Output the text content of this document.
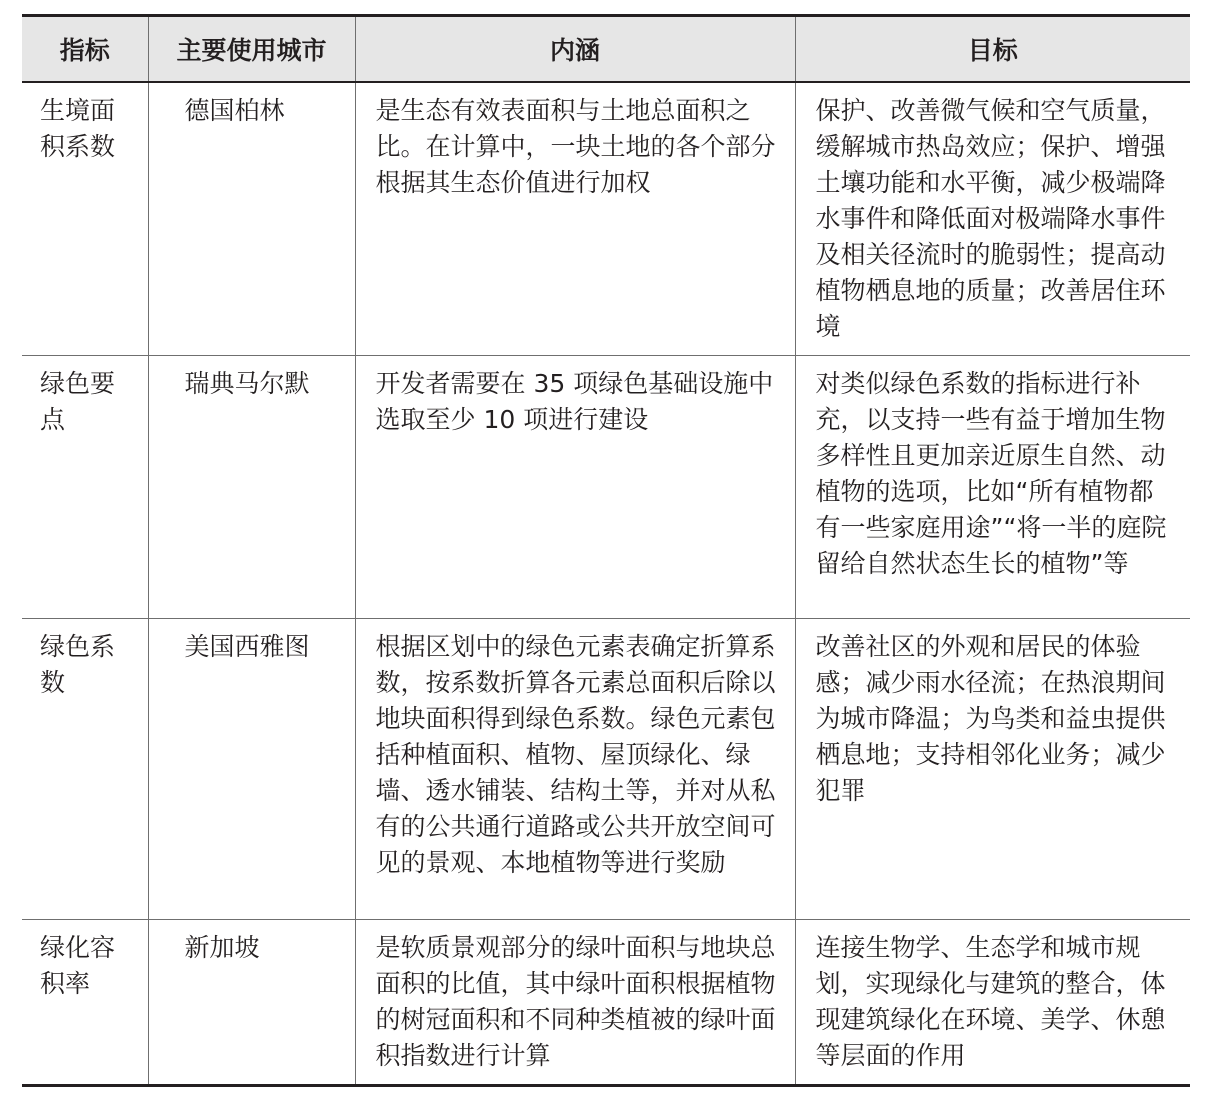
指标	主要使用城市	内涵	目标
生境面积系数	德国柏林	是生态有效表面积与土地总面积之比。在计算中，一块土地的各个部分根据其生态价值进行加权	保护、改善微气候和空气质量，缓解城市热岛效应；保护、增强土壤功能和水平衡，减少极端降水事件和降低面对极端降水事件及相关径流时的脆弱性；提高动植物栖息地的质量；改善居住环境
绿色要点	瑞典马尔默	开发者需要在 35 项绿色基础设施中选取至少 10 项进行建设	对类似绿色系数的指标进行补充，以支持一些有益于增加生物多样性且更加亲近原生自然、动植物的选项，比如“所有植物都有一些家庭用途”“将一半的庭院留给自然状态生长的植物”等
绿色系数	美国西雅图	根据区划中的绿色元素表确定折算系数，按系数折算各元素总面积后除以地块面积得到绿色系数。绿色元素包括种植面积、植物、屋顶绿化、绿墙、透水铺装、结构土等，并对从私有的公共通行道路或公共开放空间可见的景观、本地植物等进行奖励	改善社区的外观和居民的体验感；减少雨水径流；在热浪期间为城市降温；为鸟类和益虫提供栖息地；支持相邻化业务；减少犯罪
绿化容积率	新加坡	是软质景观部分的绿叶面积与地块总面积的比值，其中绿叶面积根据植物的树冠面积和不同种类植被的绿叶面积指数进行计算	连接生物学、生态学和城市规划，实现绿化与建筑的整合，体现建筑绿化在环境、美学、休憩等层面的作用
